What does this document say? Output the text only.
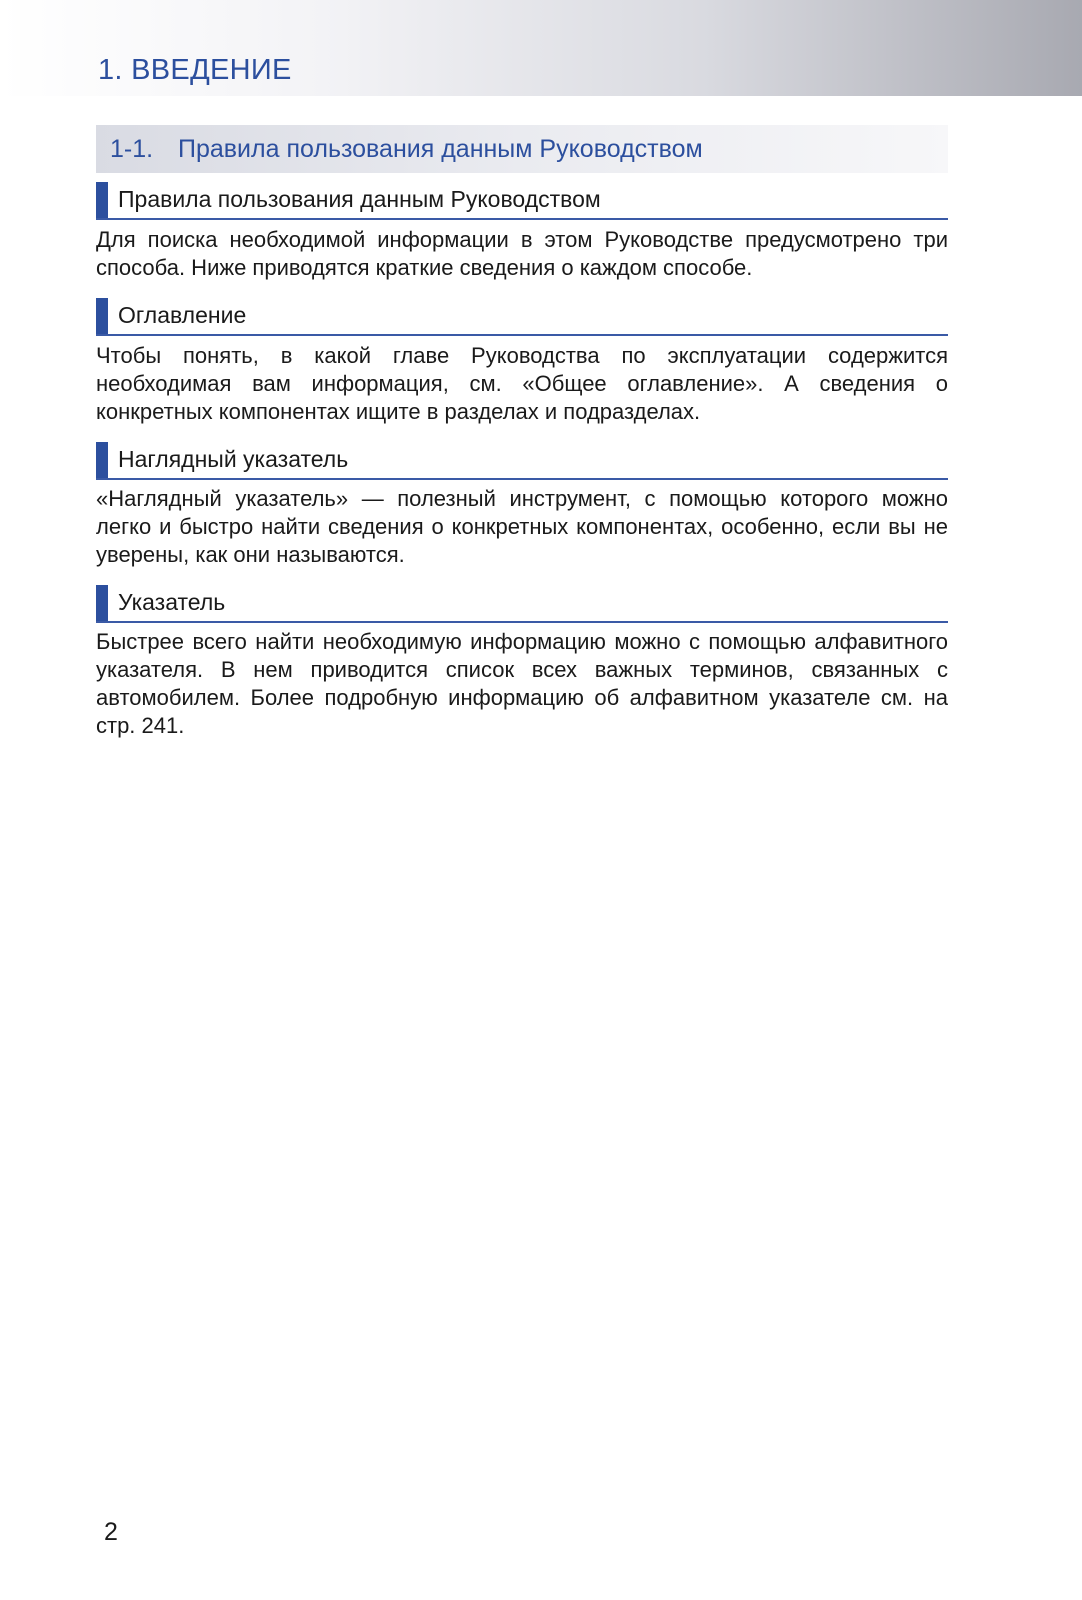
1. ВВЕДЕНИЕ
1-1. Правила пользования данным Руководством
Правила пользования данным Руководством
Для поиска необходимой информации в этом Руководстве предусмотрено три способа. Ниже приводятся краткие сведения о каждом способе.
Оглавление
Чтобы понять, в какой главе Руководства по эксплуатации содержится необходимая вам информация, см. «Общее оглавление». А сведения о конкретных компонентах ищите в разделах и подразделах.
Наглядный указатель
«Наглядный указатель» — полезный инструмент, с помощью которого можно легко и быстро найти сведения о конкретных компонентах, особенно, если вы не уверены, как они называются.
Указатель
Быстрее всего найти необходимую информацию можно с помощью алфавитного указателя. В нем приводится список всех важных терминов, связанных с автомобилем. Более подробную информацию об алфавитном указателе см. на стр. 241.
2
